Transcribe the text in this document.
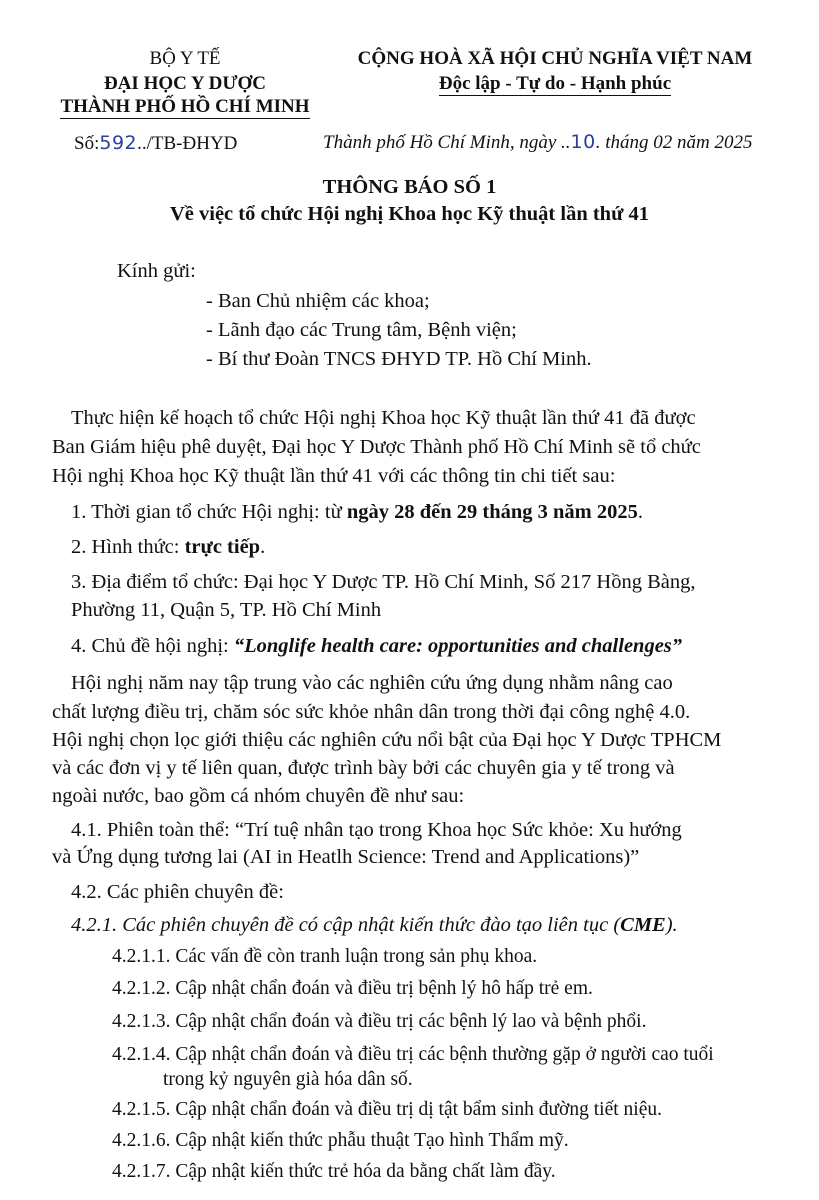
BỘ Y TẾ
ĐẠI HỌC Y DƯỢC
THÀNH PHỐ HỒ CHÍ MINH
Số:592../TB-ĐHYD
CỘNG HOÀ XÃ HỘI CHỦ NGHĨA VIỆT NAM
Độc lập - Tự do - Hạnh phúc
Thành phố Hồ Chí Minh, ngày ..10. tháng 02 năm 2025
THÔNG BÁO SỐ 1
Về việc tổ chức Hội nghị Khoa học Kỹ thuật lần thứ 41
Kính gửi:
- Ban Chủ nhiệm các khoa;
- Lãnh đạo các Trung tâm, Bệnh viện;
- Bí thư Đoàn TNCS ĐHYD TP. Hồ Chí Minh.
Thực hiện kế hoạch tổ chức Hội nghị Khoa học Kỹ thuật lần thứ 41 đã được
Ban Giám hiệu phê duyệt, Đại học Y Dược Thành phố Hồ Chí Minh sẽ tổ chức
Hội nghị Khoa học Kỹ thuật lần thứ 41 với các thông tin chi tiết sau:
1. Thời gian tổ chức Hội nghị: từ ngày 28 đến 29 tháng 3 năm 2025.
2. Hình thức: trực tiếp.
3. Địa điểm tổ chức: Đại học Y Dược TP. Hồ Chí Minh, Số 217 Hồng Bàng,
Phường 11, Quận 5, TP. Hồ Chí Minh
4. Chủ đề hội nghị: “Longlife health care: opportunities and challenges”
Hội nghị năm nay tập trung vào các nghiên cứu ứng dụng nhằm nâng cao
chất lượng điều trị, chăm sóc sức khỏe nhân dân trong thời đại công nghệ 4.0.
Hội nghị chọn lọc giới thiệu các nghiên cứu nổi bật của Đại học Y Dược TPHCM
và các đơn vị y tế liên quan, được trình bày bởi các chuyên gia y tế trong và
ngoài nước, bao gồm cá nhóm chuyên đề như sau:
4.1. Phiên toàn thể: “Trí tuệ nhân tạo trong Khoa học Sức khỏe: Xu hướng
và Ứng dụng tương lai (AI in Heatlh Science: Trend and Applications)”
4.2. Các phiên chuyên đề:
4.2.1. Các phiên chuyên đề có cập nhật kiến thức đào tạo liên tục (CME).
4.2.1.1. Các vấn đề còn tranh luận trong sản phụ khoa.
4.2.1.2. Cập nhật chẩn đoán và điều trị bệnh lý hô hấp trẻ em.
4.2.1.3. Cập nhật chẩn đoán và điều trị các bệnh lý lao và bệnh phổi.
4.2.1.4. Cập nhật chẩn đoán và điều trị các bệnh thường gặp ở người cao tuổi
trong kỷ nguyên già hóa dân số.
4.2.1.5. Cập nhật chẩn đoán và điều trị dị tật bẩm sinh đường tiết niệu.
4.2.1.6. Cập nhật kiến thức phẫu thuật Tạo hình Thẩm mỹ.
4.2.1.7. Cập nhật kiến thức trẻ hóa da bằng chất làm đầy.
